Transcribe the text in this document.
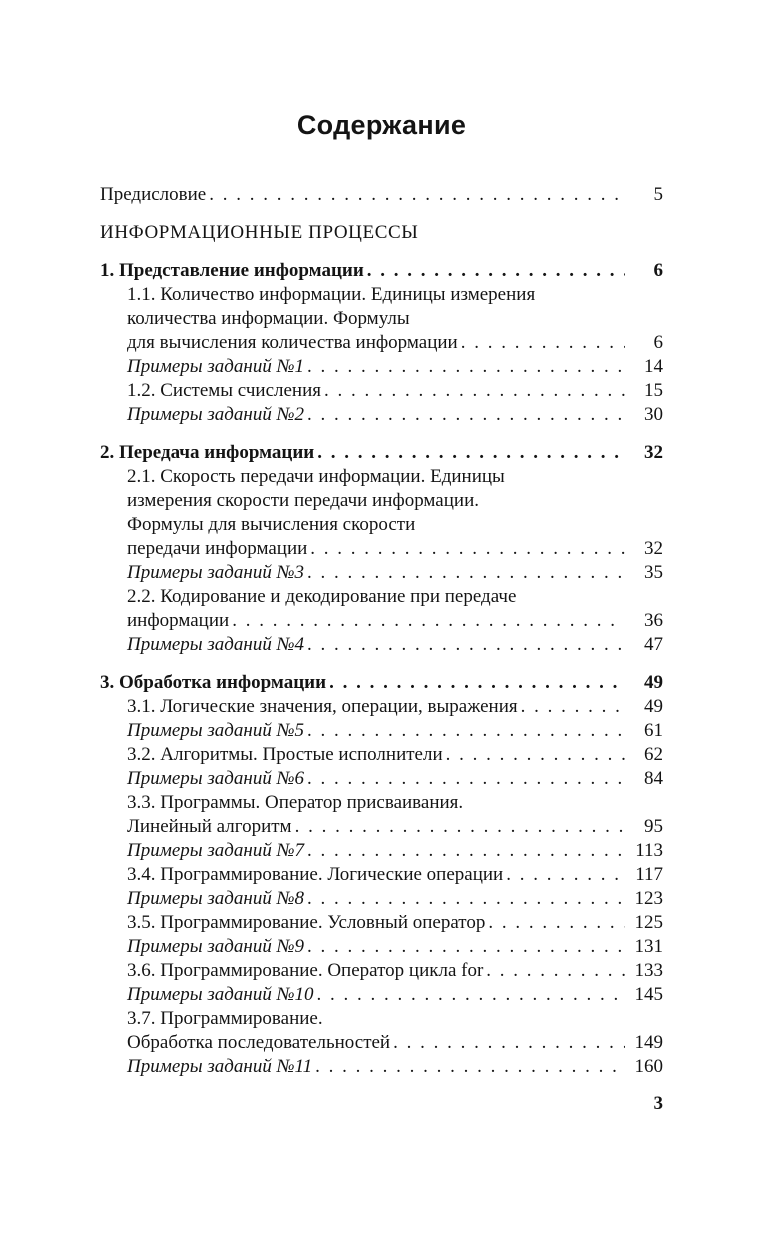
Содержание
Предисловие . . .	5
ИНФОРМАЦИОННЫЕ ПРОЦЕССЫ
1. Представление информации . . .	6
1.1. Количество информации. Единицы измерения
количества информации. Формулы
для вычисления количества информации . . .	6
Примеры заданий №1 . . .	14
1.2. Системы счисления . . .	15
Примеры заданий №2 . . .	30
2. Передача информации . . .	32
2.1. Скорость передачи информации. Единицы
измерения скорости передачи информации.
Формулы для вычисления скорости
передачи информации . . .	32
Примеры заданий №3 . . .	35
2.2. Кодирование и декодирование при передаче
информации . . .	36
Примеры заданий №4 . . .	47
3. Обработка информации . . .	49
3.1. Логические значения, операции, выражения . . .	49
Примеры заданий №5 . . .	61
3.2. Алгоритмы. Простые исполнители . . .	62
Примеры заданий №6 . . .	84
3.3. Программы. Оператор присваивания.
Линейный алгоритм . . .	95
Примеры заданий №7 . . .	113
3.4. Программирование. Логические операции . . .	117
Примеры заданий №8 . . .	123
3.5. Программирование. Условный оператор . . .	125
Примеры заданий №9 . . .	131
3.6. Программирование. Оператор цикла for . . .	133
Примеры заданий №10 . . .	145
3.7. Программирование.
Обработка последовательностей . . .	149
Примеры заданий №11 . . .	160
3
